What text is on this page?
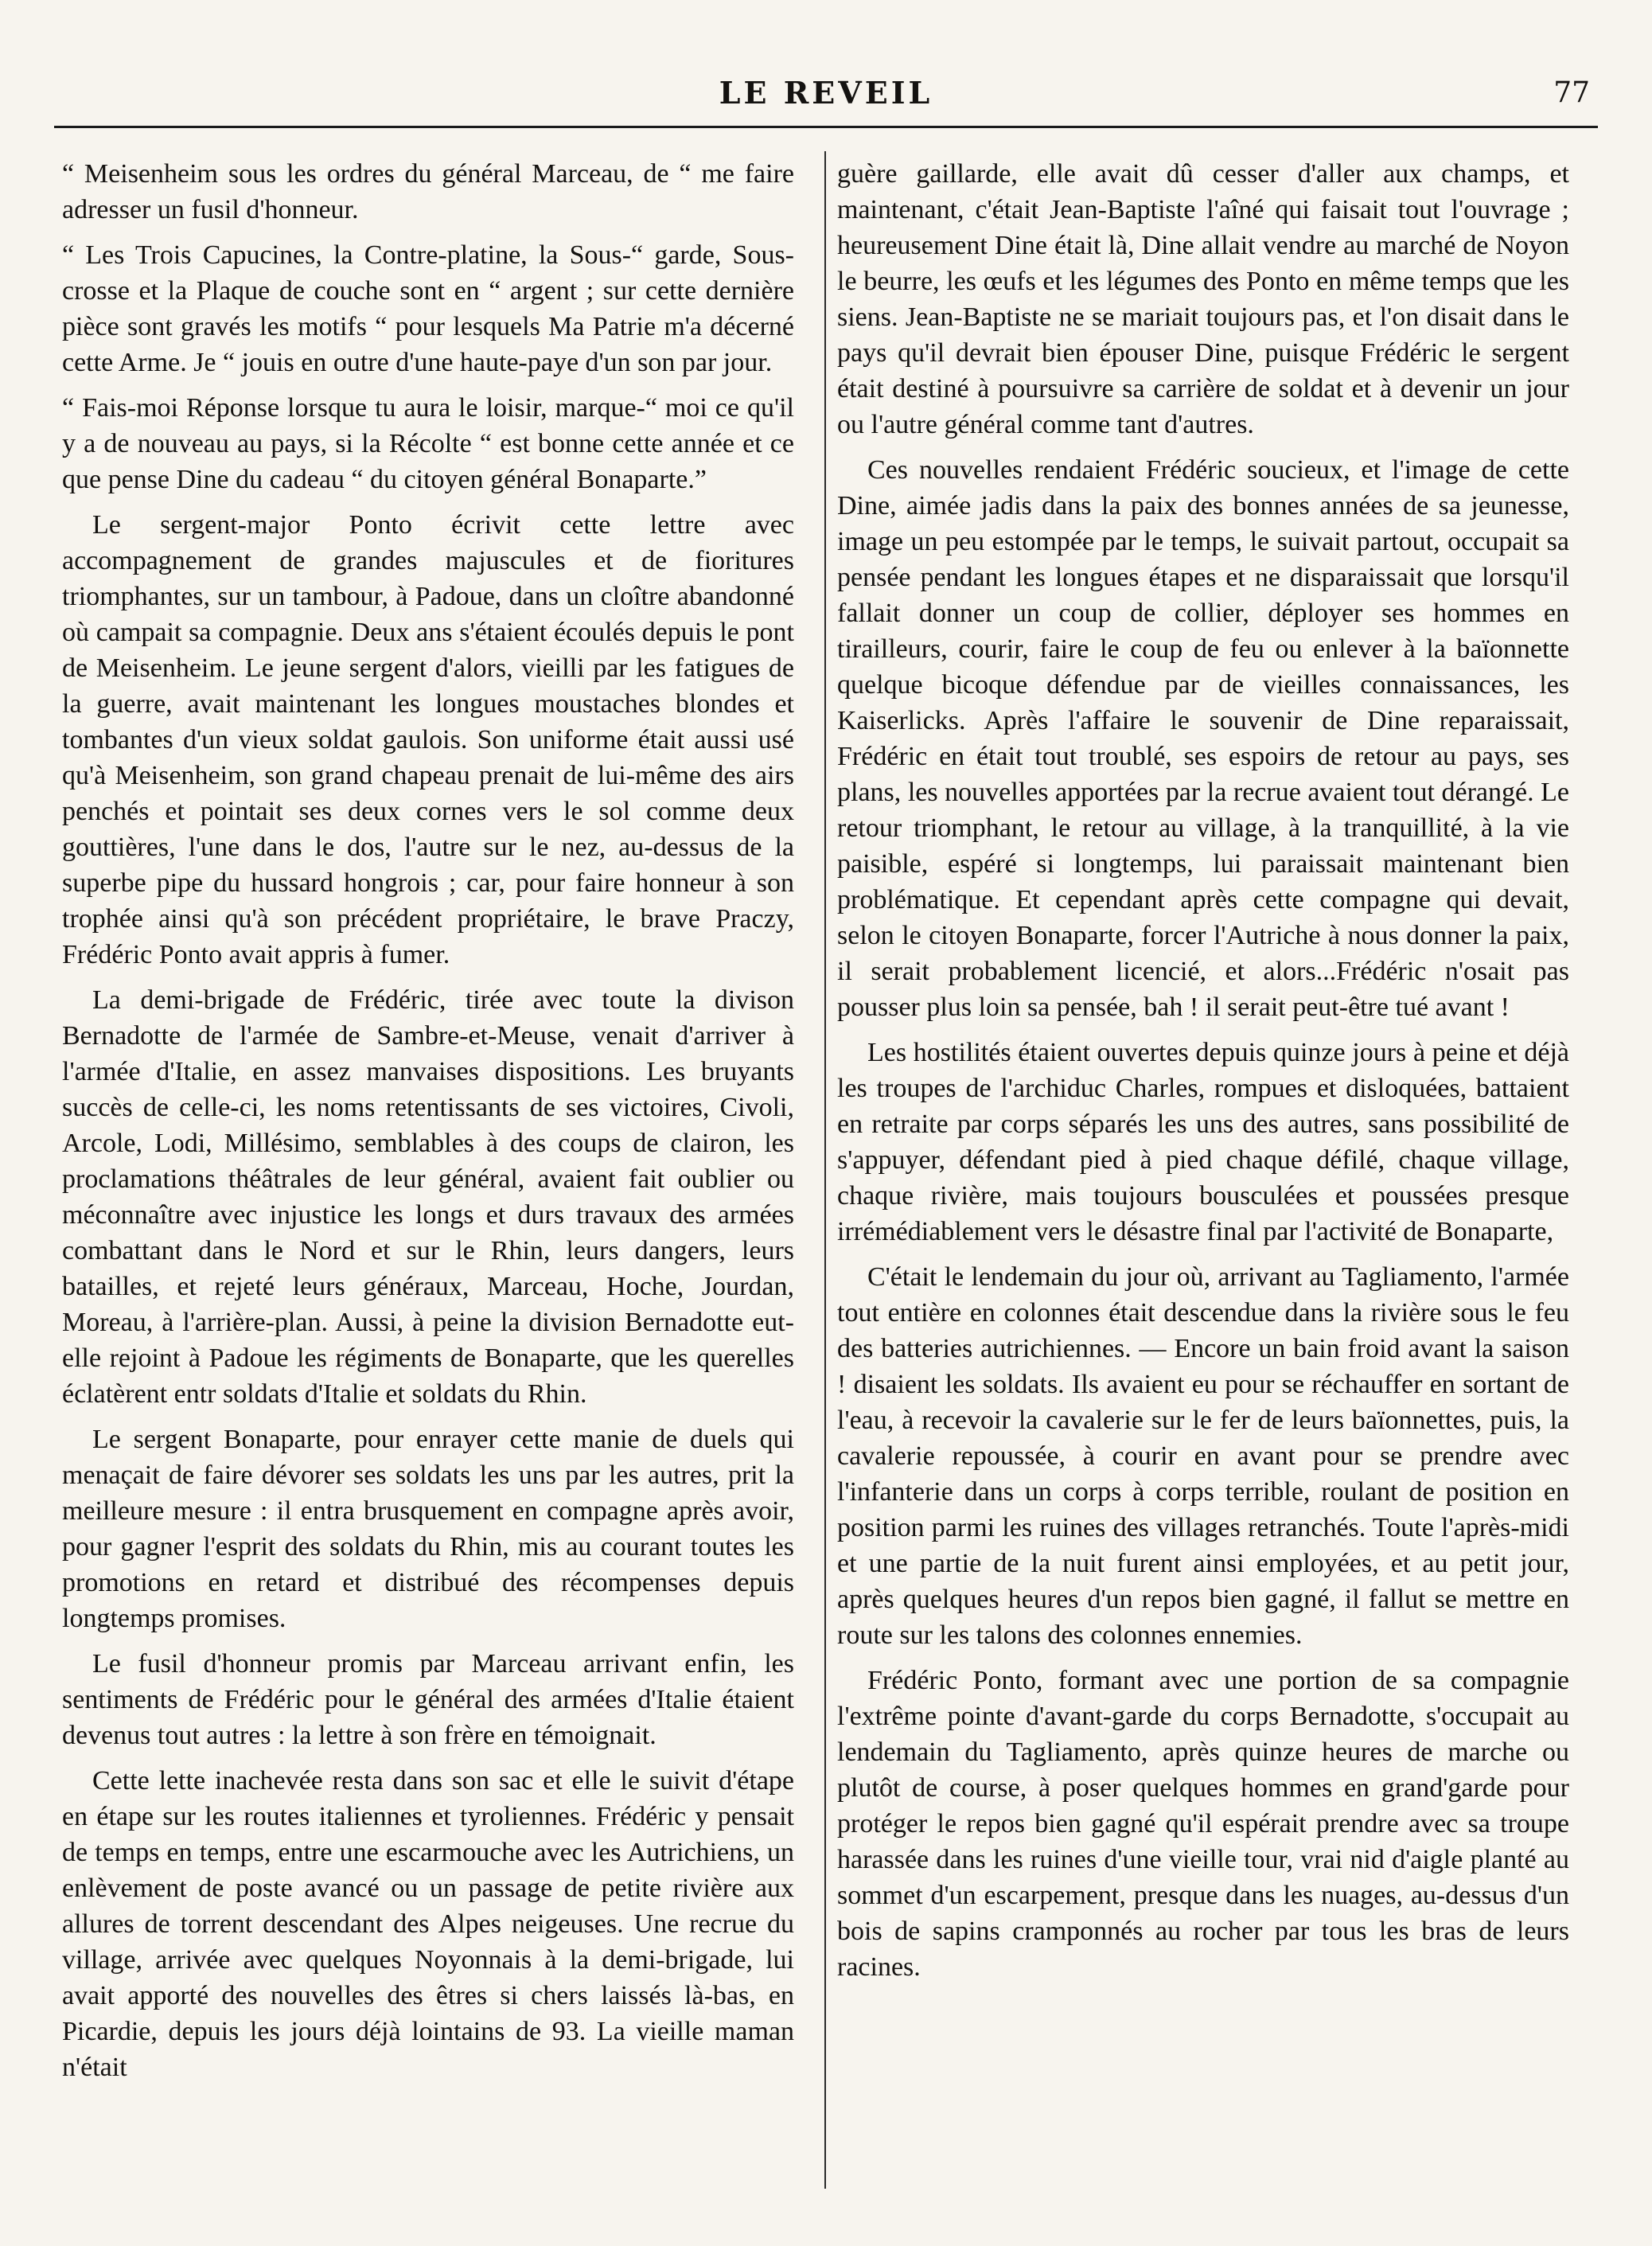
LE REVEIL	77

“ Meisenheim sous les ordres du général Marceau, de “ me faire adresser un fusil d'honneur.

“ Les Trois Capucines, la Contre-platine, la Sous-“ garde, Sous-crosse et la Plaque de couche sont en “ argent ; sur cette dernière pièce sont gravés les motifs “ pour lesquels Ma Patrie m'a décerné cette Arme. Je “ jouis en outre d'une haute-paye d'un son par jour.

“ Fais-moi Réponse lorsque tu aura le loisir, marque-“ moi ce qu'il y a de nouveau au pays, si la Récolte “ est bonne cette année et ce que pense Dine du cadeau “ du citoyen général Bonaparte.”

Le sergent-major Ponto écrivit cette lettre avec accompagnement de grandes majuscules et de fioritures triomphantes, sur un tambour, à Padoue, dans un cloître abandonné où campait sa compagnie. Deux ans s'étaient écoulés depuis le pont de Meisenheim. Le jeune sergent d'alors, vieilli par les fatigues de la guerre, avait maintenant les longues moustaches blondes et tombantes d'un vieux soldat gaulois. Son uniforme était aussi usé qu'à Meisenheim, son grand chapeau prenait de lui-même des airs penchés et pointait ses deux cornes vers le sol comme deux gouttières, l'une dans le dos, l'autre sur le nez, au-dessus de la superbe pipe du hussard hongrois ; car, pour faire honneur à son trophée ainsi qu'à son précédent propriétaire, le brave Praczy, Frédéric Ponto avait appris à fumer.

La demi-brigade de Frédéric, tirée avec toute la divison Bernadotte de l'armée de Sambre-et-Meuse, venait d'arriver à l'armée d'Italie, en assez manvaises dispositions. Les bruyants succès de celle-ci, les noms retentissants de ses victoires, Civoli, Arcole, Lodi, Millésimo, semblables à des coups de clairon, les proclamations théâtrales de leur général, avaient fait oublier ou méconnaître avec injustice les longs et durs travaux des armées combattant dans le Nord et sur le Rhin, leurs dangers, leurs batailles, et rejeté leurs généraux, Marceau, Hoche, Jourdan, Moreau, à l'arrière-plan. Aussi, à peine la division Bernadotte eut-elle rejoint à Padoue les régiments de Bonaparte, que les querelles éclatèrent entr soldats d'Italie et soldats du Rhin.

Le sergent Bonaparte, pour enrayer cette manie de duels qui menaçait de faire dévorer ses soldats les uns par les autres, prit la meilleure mesure : il entra brusquement en compagne après avoir, pour gagner l'esprit des soldats du Rhin, mis au courant toutes les promotions en retard et distribué des récompenses depuis longtemps promises.

Le fusil d'honneur promis par Marceau arrivant enfin, les sentiments de Frédéric pour le général des armées d'Italie étaient devenus tout autres : la lettre à son frère en témoignait.

Cette lette inachevée resta dans son sac et elle le suivit d'étape en étape sur les routes italiennes et tyroliennes. Frédéric y pensait de temps en temps, entre une escarmouche avec les Autrichiens, un enlèvement de poste avancé ou un passage de petite rivière aux allures de torrent descendant des Alpes neigeuses. Une recrue du village, arrivée avec quelques Noyonnais à la demi-brigade, lui avait apporté des nouvelles des êtres si chers laissés là-bas, en Picardie, depuis les jours déjà lointains de 93. La vieille maman n'était

guère gaillarde, elle avait dû cesser d'aller aux champs, et maintenant, c'était Jean-Baptiste l'aîné qui faisait tout l'ouvrage ; heureusement Dine était là, Dine allait vendre au marché de Noyon le beurre, les œufs et les légumes des Ponto en même temps que les siens. Jean-Baptiste ne se mariait toujours pas, et l'on disait dans le pays qu'il devrait bien épouser Dine, puisque Frédéric le sergent était destiné à poursuivre sa carrière de soldat et à devenir un jour ou l'autre général comme tant d'autres.

Ces nouvelles rendaient Frédéric soucieux, et l'image de cette Dine, aimée jadis dans la paix des bonnes années de sa jeunesse, image un peu estompée par le temps, le suivait partout, occupait sa pensée pendant les longues étapes et ne disparaissait que lorsqu'il fallait donner un coup de collier, déployer ses hommes en tirailleurs, courir, faire le coup de feu ou enlever à la baïonnette quelque bicoque défendue par de vieilles connaissances, les Kaiserlicks. Après l'affaire le souvenir de Dine reparaissait, Frédéric en était tout troublé, ses espoirs de retour au pays, ses plans, les nouvelles apportées par la recrue avaient tout dérangé. Le retour triomphant, le retour au village, à la tranquillité, à la vie paisible, espéré si longtemps, lui paraissait maintenant bien problématique. Et cependant après cette compagne qui devait, selon le citoyen Bonaparte, forcer l'Autriche à nous donner la paix, il serait probablement licencié, et alors...Frédéric n'osait pas pousser plus loin sa pensée, bah ! il serait peut-être tué avant !

Les hostilités étaient ouvertes depuis quinze jours à peine et déjà les troupes de l'archiduc Charles, rompues et disloquées, battaient en retraite par corps séparés les uns des autres, sans possibilité de s'appuyer, défendant pied à pied chaque défilé, chaque village, chaque rivière, mais toujours bousculées et poussées presque irrémédiablement vers le désastre final par l'activité de Bonaparte,

C'était le lendemain du jour où, arrivant au Tagliamento, l'armée tout entière en colonnes était descendue dans la rivière sous le feu des batteries autrichiennes. — Encore un bain froid avant la saison ! disaient les soldats. Ils avaient eu pour se réchauffer en sortant de l'eau, à recevoir la cavalerie sur le fer de leurs baïonnettes, puis, la cavalerie repoussée, à courir en avant pour se prendre avec l'infanterie dans un corps à corps terrible, roulant de position en position parmi les ruines des villages retranchés. Toute l'après-midi et une partie de la nuit furent ainsi employées, et au petit jour, après quelques heures d'un repos bien gagné, il fallut se mettre en route sur les talons des colonnes ennemies.

Frédéric Ponto, formant avec une portion de sa compagnie l'extrême pointe d'avant-garde du corps Bernadotte, s'occupait au lendemain du Tagliamento, après quinze heures de marche ou plutôt de course, à poser quelques hommes en grand'garde pour protéger le repos bien gagné qu'il espérait prendre avec sa troupe harassée dans les ruines d'une vieille tour, vrai nid d'aigle planté au sommet d'un escarpement, presque dans les nuages, au-dessus d'un bois de sapins cramponnés au rocher par tous les bras de leurs racines.
